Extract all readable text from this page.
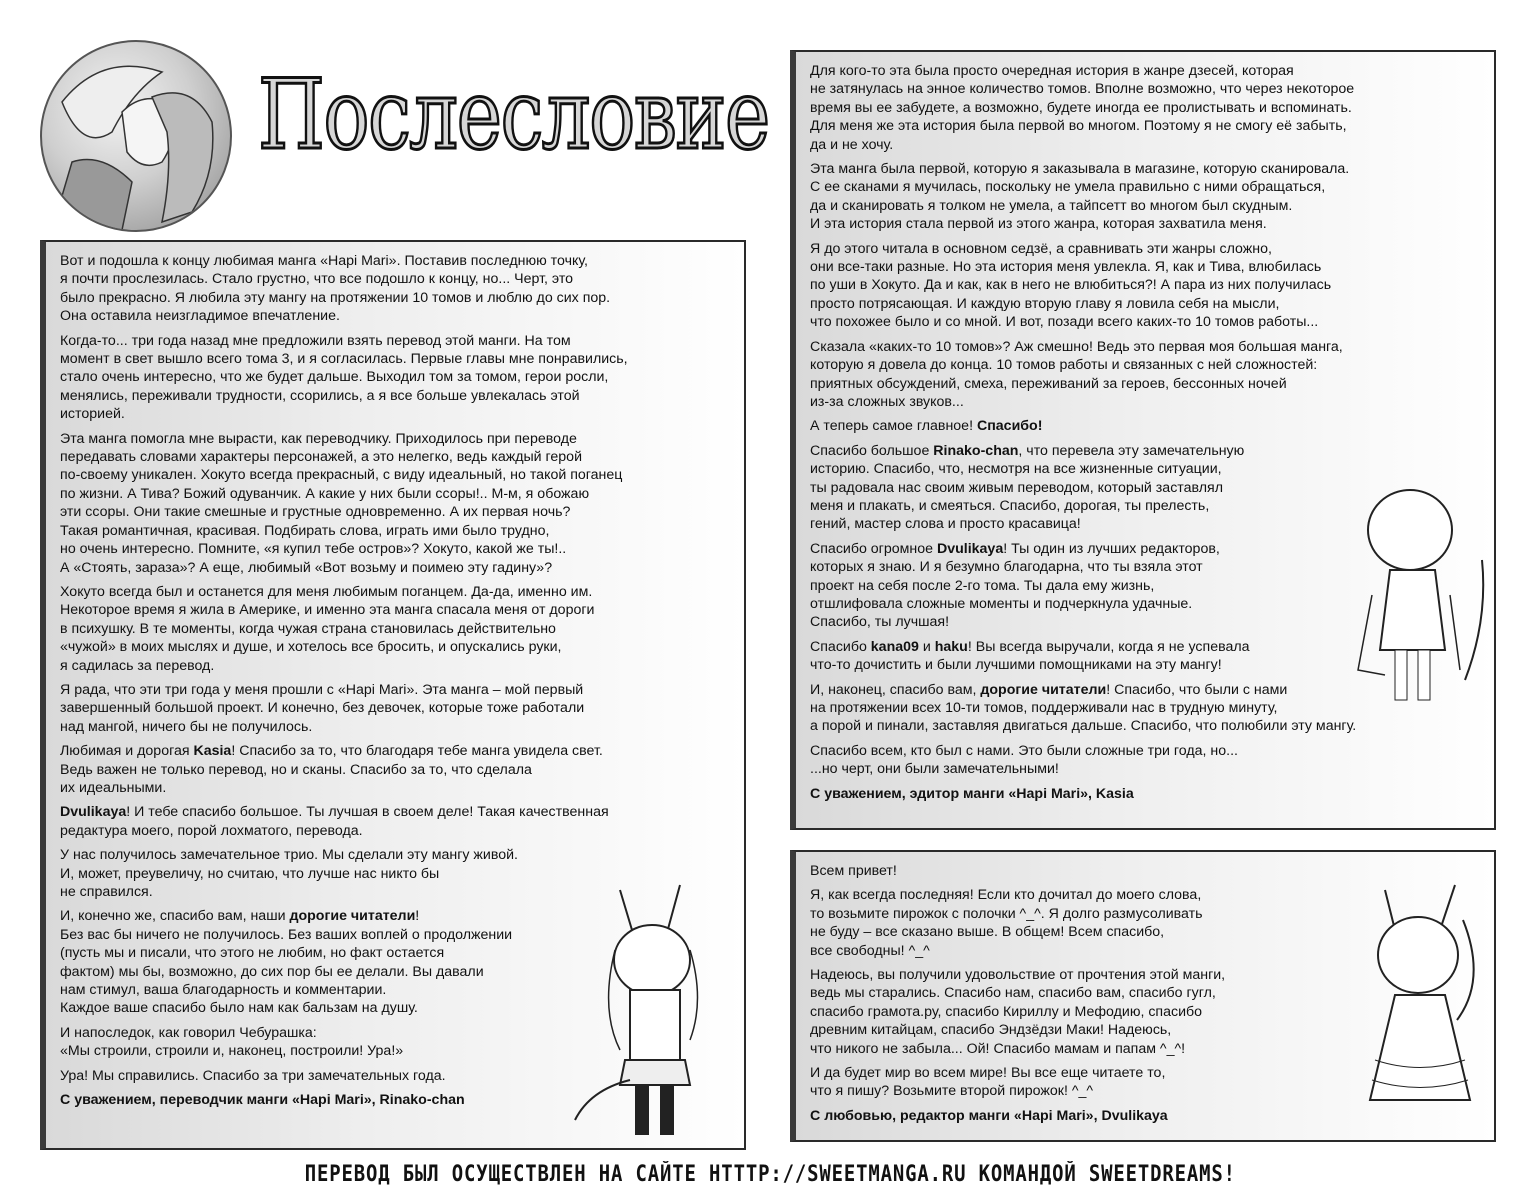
Послесловие
Вот и подошла к концу любимая манга «Hapi Mari». Поставив последнюю точку,
я почти прослезилась. Стало грустно, что все подошло к концу, но... Черт, это
было прекрасно. Я любила эту мангу на протяжении 10 томов и люблю до сих пор.
Она оставила неизгладимое впечатление.
Когда-то... три года назад мне предложили взять перевод этой манги. На том
момент в свет вышло всего тома 3, и я согласилась. Первые главы мне понравились,
стало очень интересно, что же будет дальше. Выходил том за томом, герои росли,
менялись, переживали трудности, ссорились, а я все больше увлекалась этой
историей.
Эта манга помогла мне вырасти, как переводчику. Приходилось при переводе
передавать словами характеры персонажей, а это нелегко, ведь каждый герой
по-своему уникален. Хокуто всегда прекрасный, с виду идеальный, но такой поганец
по жизни. А Тива? Божий одуванчик. А какие у них были ссоры!.. М-м, я обожаю
эти ссоры. Они такие смешные и грустные одновременно. А их первая ночь?
Такая романтичная, красивая. Подбирать слова, играть ими было трудно,
но очень интересно. Помните, «я купил тебе остров»? Хокуто, какой же ты!..
А «Стоять, зараза»? А еще, любимый «Вот возьму и поимею эту гадину»?
Хокуто всегда был и останется для меня любимым поганцем. Да-да, именно им.
Некоторое время я жила в Америке, и именно эта манга спасала меня от дороги
в психушку. В те моменты, когда чужая страна становилась действительно
«чужой» в моих мыслях и душе, и хотелось все бросить, и опускались руки,
я садилась за перевод.
Я рада, что эти три года у меня прошли с «Hapi Mari». Эта манга – мой первый
завершенный большой проект. И конечно, без девочек, которые тоже работали
над мангой, ничего бы не получилось.
Любимая и дорогая Kasia! Спасибо за то, что благодаря тебе манга увидела свет.
Ведь важен не только перевод, но и сканы. Спасибо за то, что сделала
их идеальными.
Dvulikaya! И тебе спасибо большое. Ты лучшая в своем деле! Такая качественная
редактура моего, порой лохматого, перевода.
У нас получилось замечательное трио. Мы сделали эту мангу живой.
И, может, преувеличу, но считаю, что лучше нас никто бы
не справился.
И, конечно же, спасибо вам, наши дорогие читатели!
Без вас бы ничего не получилось. Без ваших воплей о продолжении
(пусть мы и писали, что этого не любим, но факт остается
фактом) мы бы, возможно, до сих пор бы ее делали. Вы давали
нам стимул, ваша благодарность и комментарии.
Каждое ваше спасибо было нам как бальзам на душу.
И напоследок, как говорил Чебурашка:
«Мы строили, строили и, наконец, построили! Ура!»
Ура! Мы справились. Спасибо за три замечательных года.
С уважением, переводчик манги «Hapi Mari», Rinako-chan
Для кого-то эта была просто очередная история в жанре дзесей, которая
не затянулась на энное количество томов. Вполне возможно, что через некоторое
время вы ее забудете, а возможно, будете иногда ее пролистывать и вспоминать.
Для меня же эта история была первой во многом. Поэтому я не смогу её забыть,
да и не хочу.
Эта манга была первой, которую я заказывала в магазине, которую сканировала.
С ее сканами я мучилась, поскольку не умела правильно с ними обращаться,
да и сканировать я толком не умела, а тайпсетт во многом был скудным.
И эта история стала первой из этого жанра, которая захватила меня.
Я до этого читала в основном седзё, а сравнивать эти жанры сложно,
они все-таки разные. Но эта история меня увлекла. Я, как и Тива, влюбилась
по уши в Хокуто. Да и как, как в него не влюбиться?! А пара из них получилась
просто потрясающая. И каждую вторую главу я ловила себя на мысли,
что похожее было и со мной. И вот, позади всего каких-то 10 томов работы...
Сказала «каких-то 10 томов»? Аж смешно! Ведь это первая моя большая манга,
которую я довела до конца. 10 томов работы и связанных с ней сложностей:
приятных обсуждений, смеха, переживаний за героев, бессонных ночей
из-за сложных звуков...
А теперь самое главное! Спасибо!
Спасибо большое Rinako-chan, что перевела эту замечательную
историю. Спасибо, что, несмотря на все жизненные ситуации,
ты радовала нас своим живым переводом, который заставлял
меня и плакать, и смеяться. Спасибо, дорогая, ты прелесть,
гений, мастер слова и просто красавица!
Спасибо огромное Dvulikaya! Ты один из лучших редакторов,
которых я знаю. И я безумно благодарна, что ты взяла этот
проект на себя после 2-го тома. Ты дала ему жизнь,
отшлифовала сложные моменты и подчеркнула удачные.
Спасибо, ты лучшая!
Спасибо kana09 и haku! Вы всегда выручали, когда я не успевала
что-то дочистить и были лучшими помощниками на эту мангу!
И, наконец, спасибо вам, дорогие читатели! Спасибо, что были с нами
на протяжении всех 10-ти томов, поддерживали нас в трудную минуту,
а порой и пинали, заставляя двигаться дальше. Спасибо, что полюбили эту мангу.
Спасибо всем, кто был с нами. Это были сложные три года, но...
...но черт, они были замечательными!
С уважением, эдитор манги «Hapi Mari», Kasia
Всем привет!
Я, как всегда последняя! Если кто дочитал до моего слова,
то возьмите пирожок с полочки ^_^. Я долго размусоливать
не буду – все сказано выше. В общем! Всем спасибо,
все свободны! ^_^
Надеюсь, вы получили удовольствие от прочтения этой манги,
ведь мы старались. Спасибо нам, спасибо вам, спасибо гугл,
спасибо грамота.ру, спасибо Кириллу и Мефодию, спасибо
древним китайцам, спасибо Эндзёдзи Маки! Надеюсь,
что никого не забыла... Ой! Спасибо мамам и папам ^_^!
И да будет мир во всем мире! Вы все еще читаете то,
что я пишу? Возьмите второй пирожок! ^_^
С любовью, редактор манги «Hapi Mari», Dvulikaya
ПЕРЕВОД БЫЛ ОСУЩЕСТВЛЕН НА САЙТЕ HTTTP://SWEETMANGA.RU КОМАНДОЙ SWEETDREAMS!
